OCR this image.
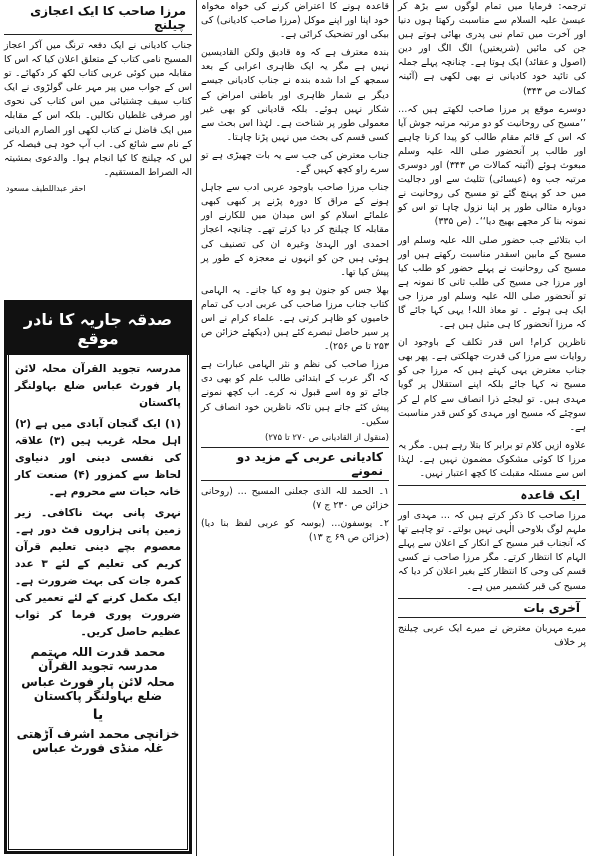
ترجمہ: فرمایا میں تمام لوگوں سے بڑھ کر عیسیٰ علیہ السلام سے مناسبت رکھتا ہوں دنیا اور آخرت میں تمام نبی پدری بھائی ہوتے ہیں جن کی مائیں (شریعتیں) الگ الگ اور دین (اصول و عقائد) ایک ہوتا ہے۔ چنانچہ پہلے جملہ کی تائید خود کادیانی نے بھی لکھی ہے (آئینہ کمالات ص ۳۴۳)

دوسرے موقع پر مرزا صاحب لکھتے ہیں کہ… ’’مسیح کی روحانیت کو دو مرتبہ مرتبہ جوش آیا کہ اس کے قائم مقام طالب کو پیدا کرنا چاہیے اور طالب پر آنحضور صلی اللہ علیہ وسلم مبعوث ہوئے (آئینہ کمالات ص ۳۴۳) اور دوسری مرتبہ جب وہ (عیسائی) تثلیث سے اور دجالیت میں حد کو پہنچ گئے تو مسیح کی روحانیت نے دوبارہ مثالی طور پر اپنا نزول چاہا تو اس کو نمونہ بنا کر مجھے بھیج دیا‘‘۔ (ص ۳۳۵)

اب بتلائیے جب حضور صلی اللہ علیہ وسلم اور مسیح کے مابین اسقدر مناسبت رکھتے ہیں اور مسیح کی روحانیت نے پہلے حضور کو طلب کیا اور مرزا جی مسیح کی طلب ثانی کا نمونہ ہے تو آنحضور صلی اللہ علیہ وسلم اور مرزا جی ایک ہی ہوئے ۔ تو معاذ اللہ! یہی کہا جائے گا کہ مرزا آنحضور کا ہی مثیل ہیں ہے۔

ناظرین کرام! اس قدر تکلف کے باوجود ان روایات سے مرزا کی قدرت جھلکتی ہے۔ پھر بھی جناب معترض یہی کہتے ہیں کہ مرزا جی کو مسیح نہ کہا جائے بلکہ اپنے استقلال پر گویا مہدی ہیں۔ تو لیجئے ذرا انصاف سے کام لے کر سوچئے کہ مسیح اور مہدی کو کس قدر مناسبت ہے۔

علاوہ ازیں کلام تو برابر کا بتلا رہے ہیں۔ مگر یہ مرزا کا کوئی مشکوک مضمون نہیں ہے۔ لہٰذا اس سے مسئلہ مقبلت کا کچھ اعتبار نہیں۔

ایک قاعدہ

مرزا صاحب کا ذکر کرتے ہیں کہ … مہدی اور ملہم لوگ بلاوحی الٰہی نہیں بولتے۔ تو چاہیے تھا کہ آنجناب قبر مسیح کے انکار کے اعلان سے پہلے الہام کا انتظار کرتے۔ مگر مرزا صاحب نے کسی قسم کی وحی کا انتظار کئے بغیر اعلان کر دیا کہ مسیح کی قبر کشمیر میں ہے۔

آخری بات

میرے مہربان معترض نے میرے ایک عربی چیلنج پر خلاف

قاعدہ ہونے کا اعتراض کرنے کی خواہ مخواہ خود اپنا اور اپنے موکل (مرزا صاحب کادیانی) کی بیکی اور تضحیک کرائی ہے۔

بندہ معترف ہے کہ وہ قادیق ولکن القادیسین نہیں ہے مگر یہ ایک ظاہری اعرابی کے بعد سمجھ کے ادا شدہ بندہ نے جناب کادیانی جیسے دیگر بے شمار ظاہری اور باطنی امراض کے شکار نہیں ہوئے۔ بلکہ قادیانی کو بھی غیر معمولی طور پر شناخت ہے۔ لہٰذا اس بحث سے کسی قسم کی بحث میں نہیں پڑنا چاہتا۔

جناب معترض کی جب سے یہ بات چھیڑی ہے تو سرے راو کچھ کہیں گے۔

جناب مرزا صاحب باوجود عربی ادب سے جاہل ہونے کے مراق کا دورہ پڑنے پر کبھی کبھی علمائے اسلام کو اس میدان میں للکارنے اور مقابلہ کا چیلنج کر دیا کرتے تھے۔ چنانچہ اعجاز احمدی اور الہدیٰ وغیرہ ان کی تصنیف کی ہوئی ہیں جن کو انہوں نے معجزہ کے طور پر پیش کیا تھا۔

بھلا جس کو جنون ہو وہ کیا جانے۔ یہ الہامی کتاب جناب مرزا صاحب کی عربی ادب کی تمام خامیوں کو ظاہر کرتی ہے۔ علماء کرام نے اس پر سیر حاصل تبصرے کئے ہیں (دیکھئے خزائن ص ۲۵۳ تا ص ۲۵۶)۔

مرزا صاحب کی نظم و نثر الہامی عبارات ہے کہ اگر عرب کے ابتدائی طالب علم کو بھی دی جائے تو وہ اسے قبول نہ کرے۔ اب کچھ نمونے پیش کئے جاتے ہیں تاکہ ناظرین خود انصاف کر سکیں۔

(منقول از القادیانی ص ۲۷۰ تا ۲۷۵)
کادیانی عربی کے مزید دو نمونے

۱۔ الحمد للہ الذی جعلنی المسیح … (روحانی خزائن ص ۲۳۰ ج ۷)

۲۔ یوسفون… (بوسہ کو عربی لفظ بنا دیا) (خزائن ص ۶۹ ج ۱۳)

مرزا صاحب کا ایک اعجازی چیلنج

جناب کادیانی نے ایک دفعہ ترنگ میں آکر اعجاز المسیح نامی کتاب کے متعلق اعلان کیا کہ اس کا مقابلہ میں کوئی عربی کتاب لکھ کر دکھائے۔ تو اس کے جواب میں پیر مہر علی گولڑوی نے ایک کتاب سیف چشتیائی میں اس کتاب کی نحوی اور صرفی غلطیاں نکالیں۔ بلکہ اس کے مقابلہ میں ایک فاضل نے کتاب لکھی اور الصارم الدیانی کے نام سے شائع کی۔ اب آپ خود ہی فیصلہ کر لیں کہ چیلنج کا کیا انجام ہوا۔ والدعوی بمشیتہ الہ الصراط المستقیم۔

احقر عبداللطیف مسعود
صدقہ جاریہ کا نادر موقع

مدرسہ تجوید القرآن محلہ لائن پار فورٹ عباس ضلع بہاولنگر پاکستان

(۱) ایک گنجان آبادی میں ہے (۲) اہل محلہ غریب ہیں (۳) علاقہ کی نفسی دینی اور دنیاوی لحاظ سے کمزور (۴) صنعت کار خانہ حیات سے محروم ہے۔

نہری پانی بہت ناکافی۔ زیر زمین پانی ہزاروں فٹ دور ہے۔ معصوم بچے دینی تعلیم قرآن کریم کی تعلیم کے لئے ۳ عدد کمرہ جات کی بہت ضرورت ہے۔ ایک مکمل کرنے کے لئے تعمیر کی ضرورت پوری فرما کر ثواب عظیم حاصل کریں۔

محمد قدرت اللہ مہتمم مدرسہ تجوید القرآن
محلہ لائن پار فورٹ عباس ضلع بہاولنگر پاکستان
یا
خزانچی محمد اشرف آڑھتی غلہ منڈی فورٹ عباس
